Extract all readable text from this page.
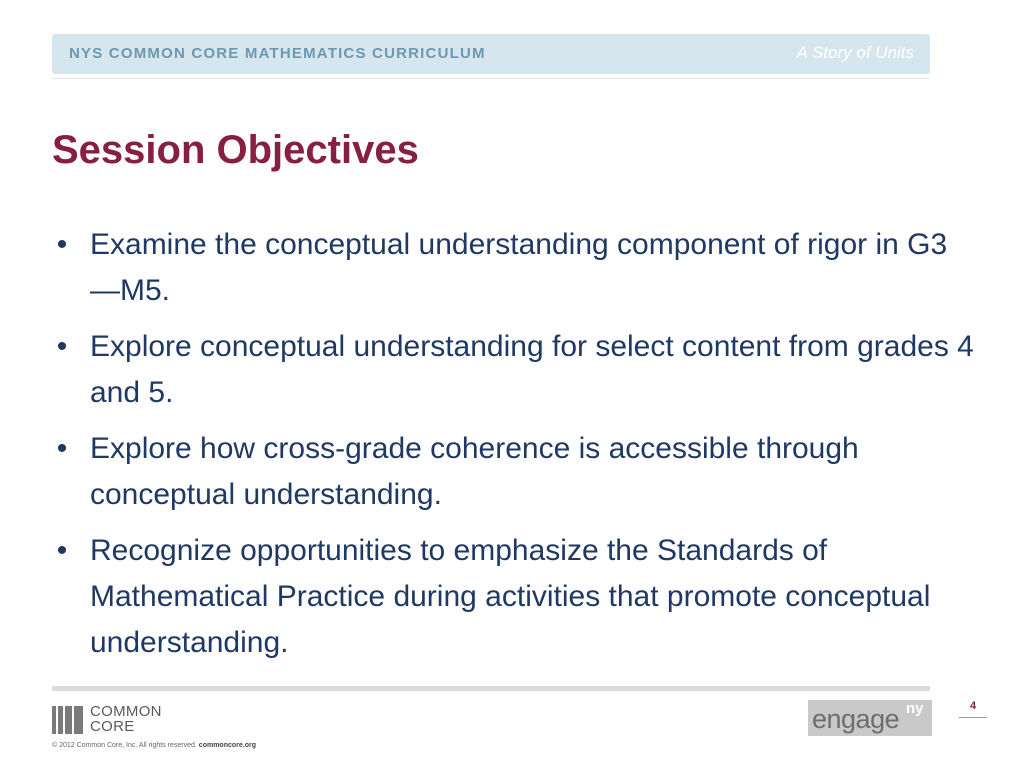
NYS COMMON CORE MATHEMATICS CURRICULUM	A Story of Units
Session Objectives
• Examine the conceptual understanding component of rigor in G3—M5.
• Explore conceptual understanding for select content from grades 4 and 5.
• Explore how cross-grade coherence is accessible through conceptual understanding.
• Recognize opportunities to emphasize the Standards of Mathematical Practice during activities that promote conceptual understanding.
COMMON
CORE
© 2012 Common Core, Inc. All rights reserved. commoncore.org
engage ny	4
